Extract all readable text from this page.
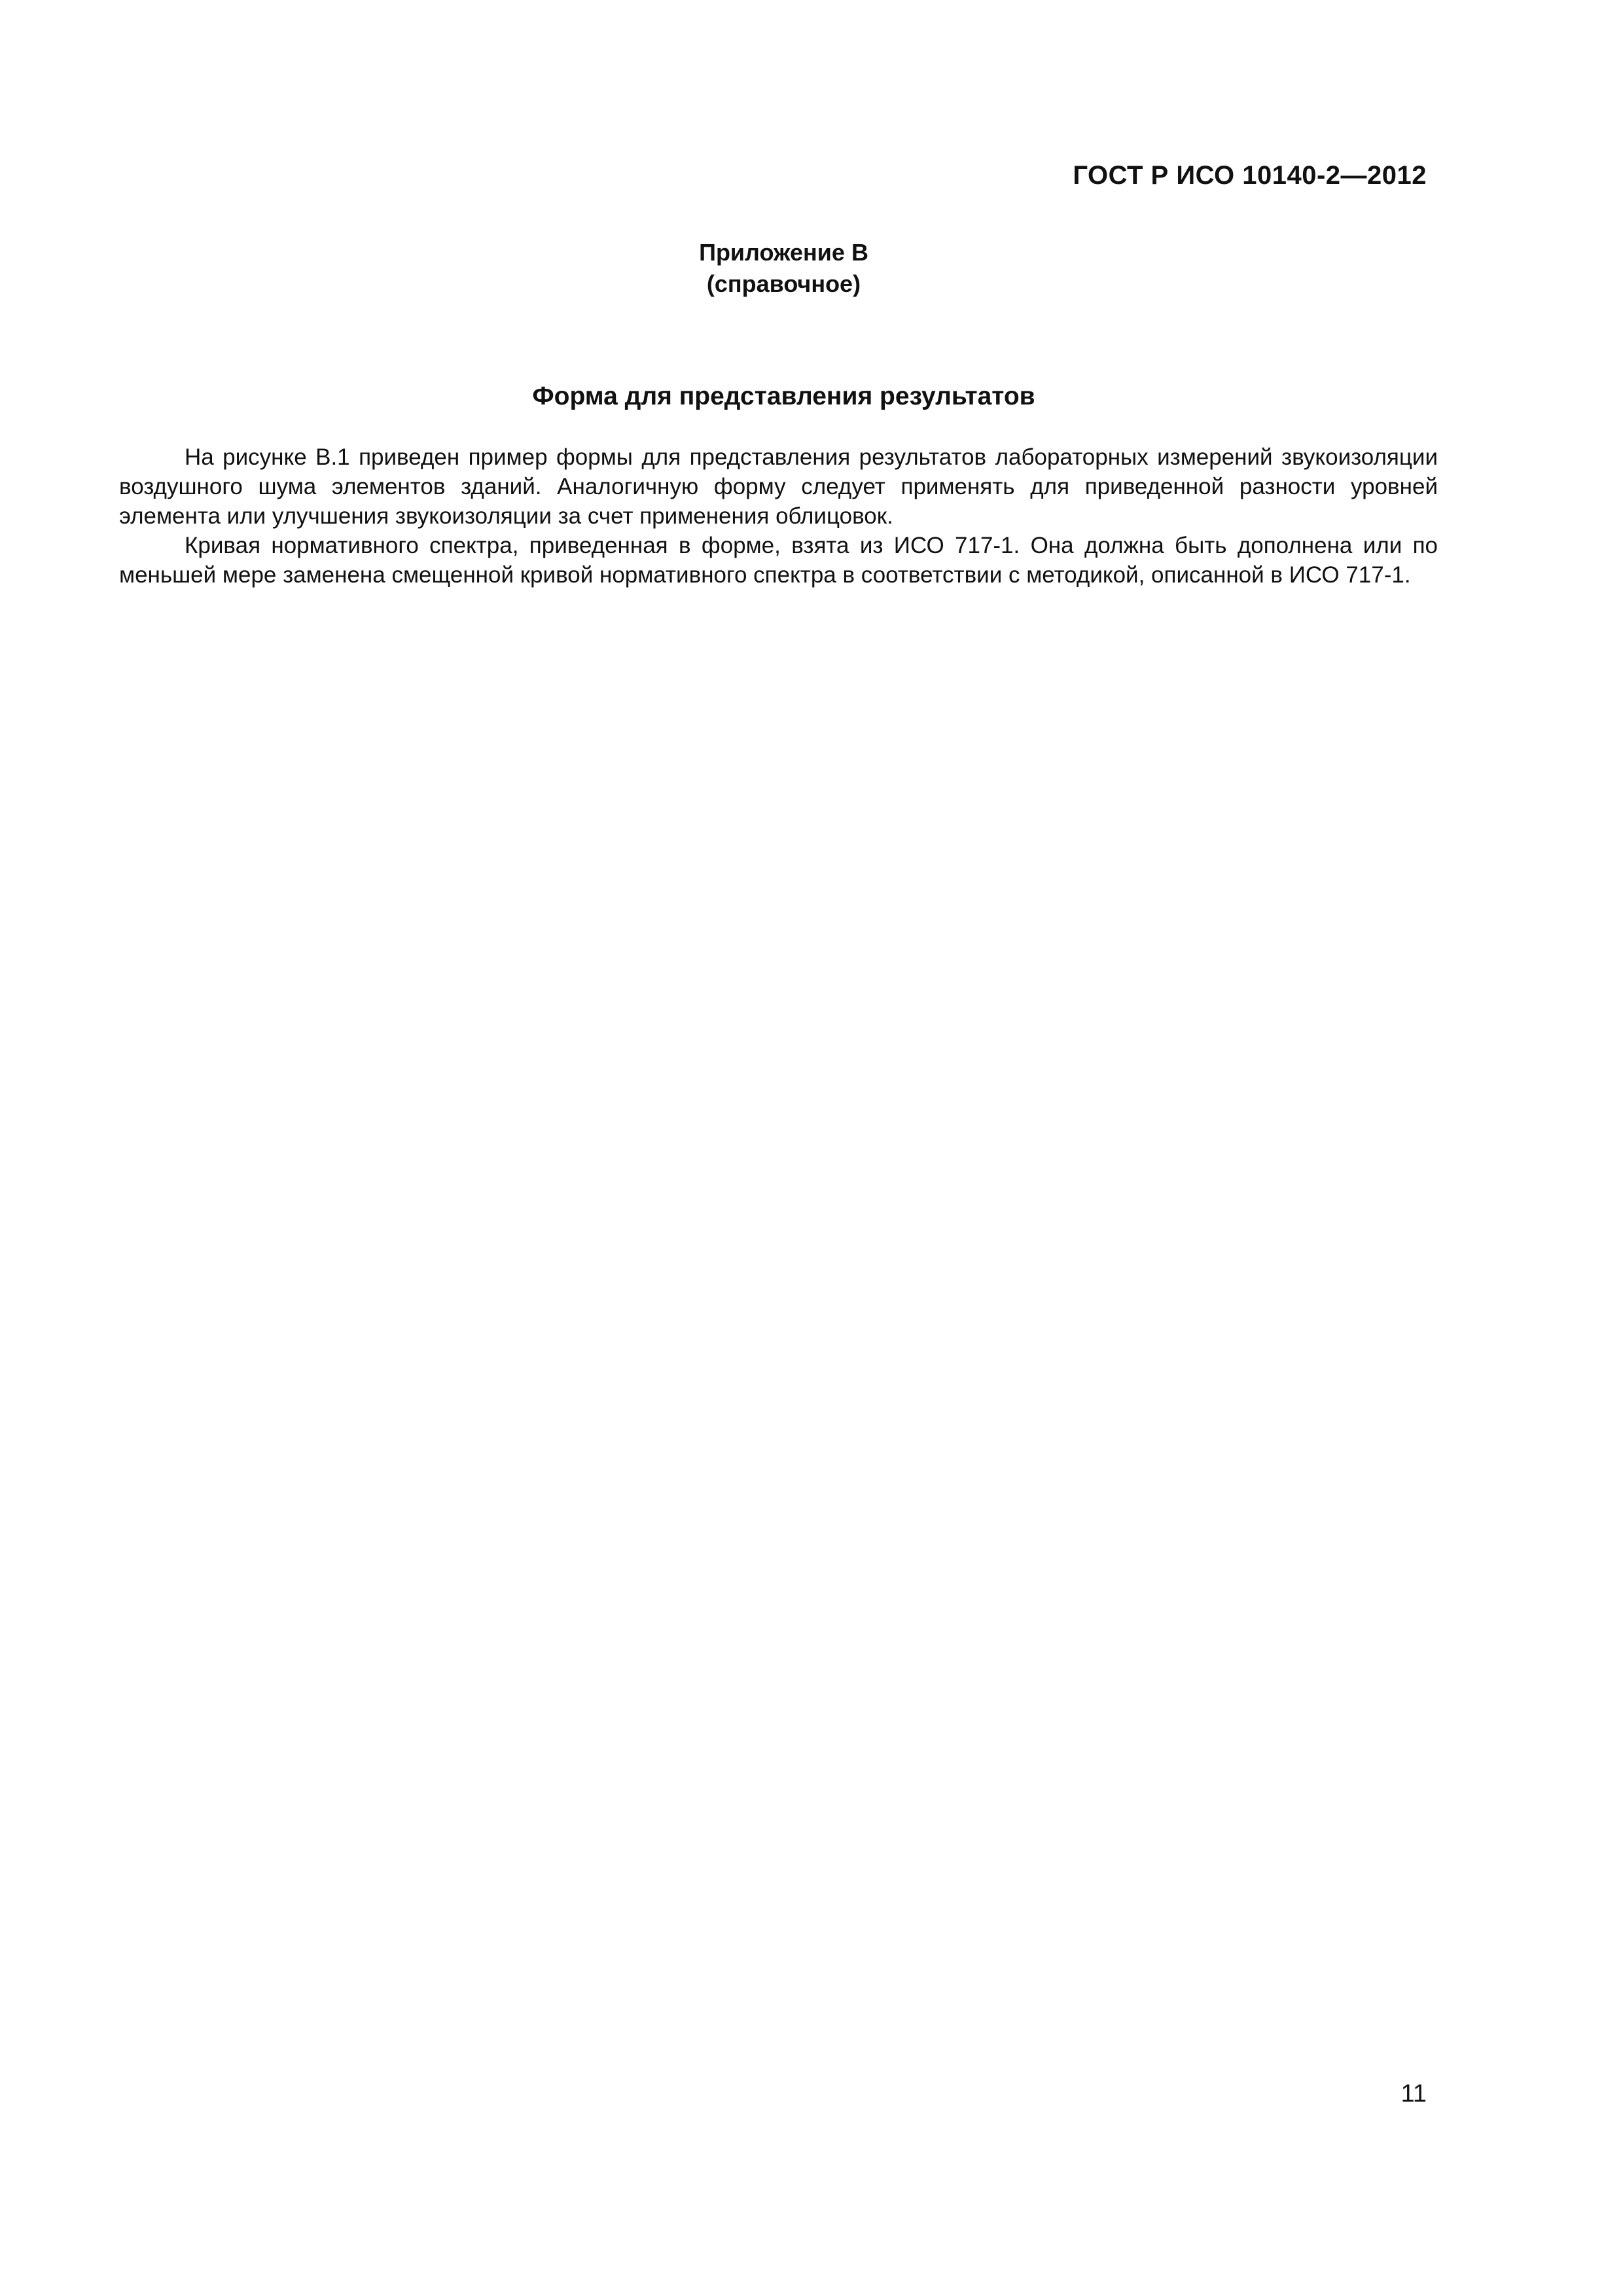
ГОСТ Р ИСО 10140-2—2012
Приложение В
(справочное)
Форма для представления результатов

На рисунке В.1 приведен пример формы для представления результатов лабораторных измерений звукоизоляции воздушного шума элементов зданий. Аналогичную форму следует применять для приведенной разности уровней элемента или улучшения звукоизоляции за счет применения облицовок.

Кривая нормативного спектра, приведенная в форме, взята из ИСО 717-1. Она должна быть дополнена или по меньшей мере заменена смещенной кривой нормативного спектра в соответствии с методикой, описанной в ИСО 717-1.

11
